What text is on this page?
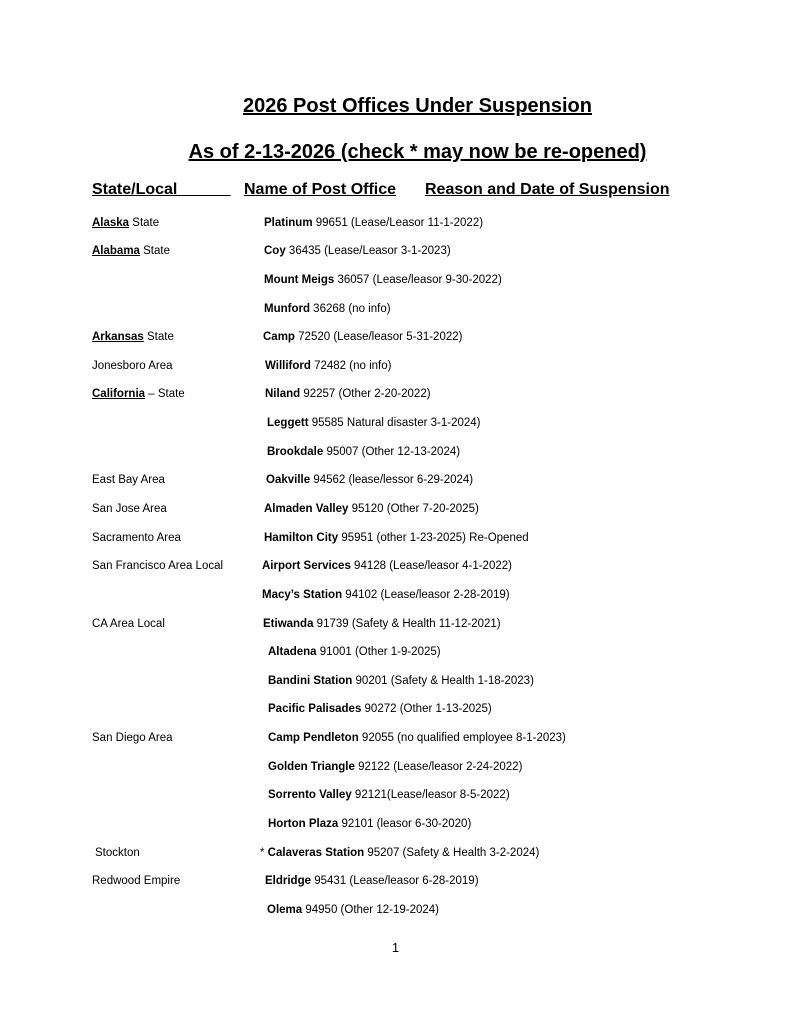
2026 Post Offices Under Suspension
As of 2-13-2026 (check * may now be re-opened)
State/Local	Name of Post Office Reason and Date of Suspension
Alaska State	Platinum 99651 (Lease/Leasor 11-1-2022)
Alabama State	Coy 36435 (Lease/Leasor 3-1-2023)
Mount Meigs 36057 (Lease/leasor 9-30-2022)
Munford 36268 (no info)
Arkansas State	Camp 72520 (Lease/leasor 5-31-2022)
Jonesboro Area	Williford 72482 (no info)
California – State	Niland 92257 (Other 2-20-2022)
Leggett 95585 Natural disaster 3-1-2024)
Brookdale 95007 (Other 12-13-2024)
East Bay Area	Oakville 94562 (lease/lessor 6-29-2024)
San Jose Area	Almaden Valley 95120 (Other 7-20-2025)
Sacramento Area	Hamilton City 95951 (other 1-23-2025) Re-Opened
San Francisco Area Local	Airport Services 94128 (Lease/leasor 4-1-2022)
Macy’s Station 94102 (Lease/leasor 2-28-2019)
CA Area Local	Etiwanda 91739 (Safety & Health 11-12-2021)
Altadena 91001 (Other 1-9-2025)
Bandini Station 90201 (Safety & Health 1-18-2023)
Pacific Palisades 90272 (Other 1-13-2025)
San Diego Area	Camp Pendleton 92055 (no qualified employee 8-1-2023)
Golden Triangle 92122 (Lease/leasor 2-24-2022)
Sorrento Valley 92121(Lease/leasor 8-5-2022)
Horton Plaza 92101 (leasor 6-30-2020)
Stockton	* Calaveras Station 95207 (Safety & Health 3-2-2024)
Redwood Empire	Eldridge 95431 (Lease/leasor 6-28-2019)
Olema 94950 (Other 12-19-2024)
1
